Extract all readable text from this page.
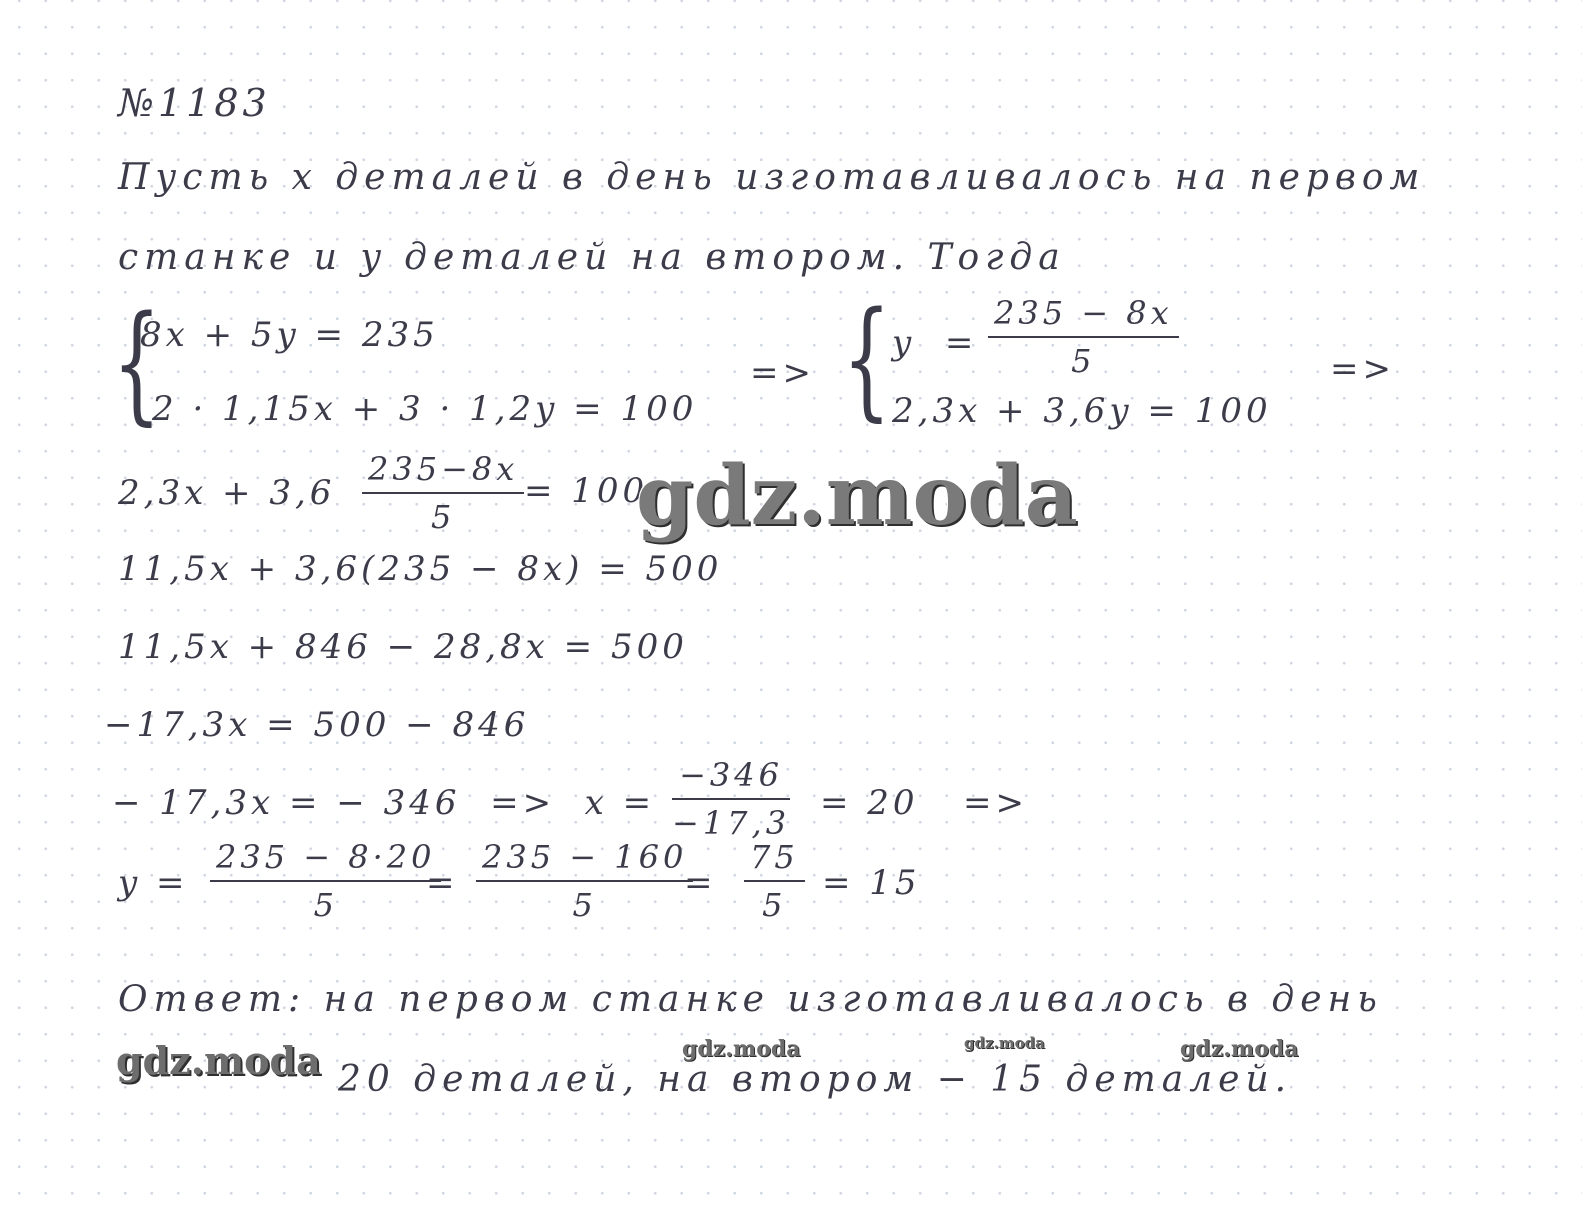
№1183
Пусть x деталей в день изготавливалось на первом
станке и y деталей на втором. Тогда
{
8x + 5y = 235
2 · 1,15x + 3 · 1,2y = 100
=> { y  =
235 − 8x
5
2,3x + 3,6y = 100
=>
2,3x + 3,6
235−8x
5
= 100
11,5x + 3,6(235 − 8x) = 500
11,5x + 846 − 28,8x = 500
−17,3x = 500 − 846
− 17,3x = − 346  =>  x =
−346
−17,3 = 20   =>
y =
235 − 8·20
5
=
235 − 160
5
=
75
5
= 15
Ответ: на первом станке изготавливалось в день
20 деталей, на втором − 15 деталей.
gdz.moda
gdz.moda	gdz.moda	gdz.moda	gdz.moda
